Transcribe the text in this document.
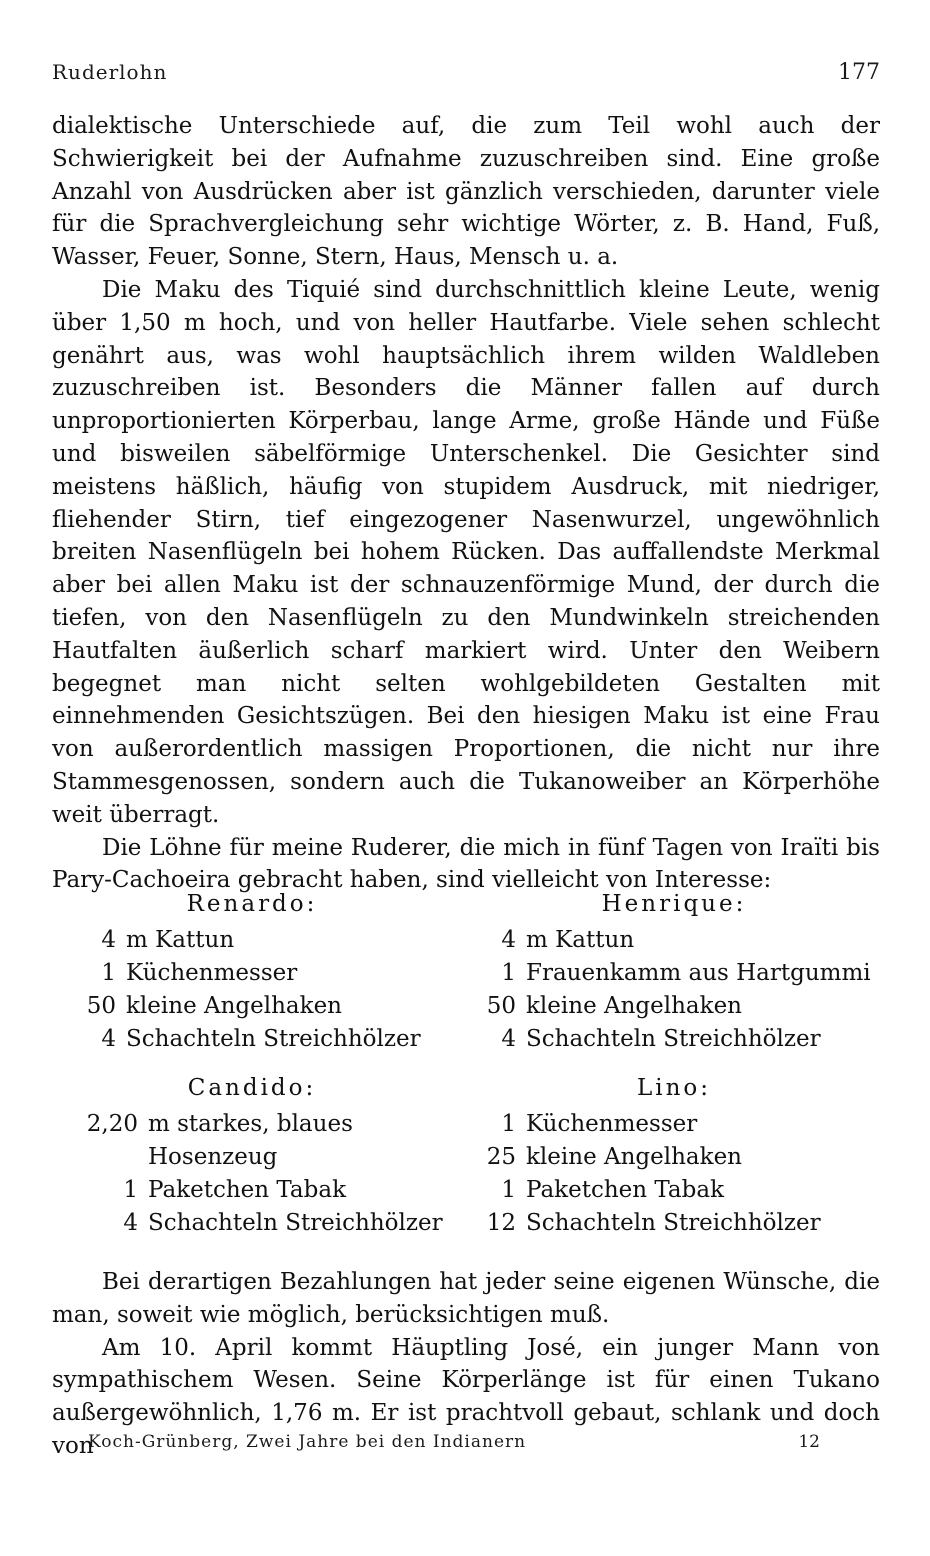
Ruderlohn	177

dialektische Unterschiede auf, die zum Teil wohl auch der Schwierigkeit bei der Aufnahme zuzuschreiben sind. Eine große Anzahl von Ausdrücken aber ist gänzlich verschieden, darunter viele für die Sprachvergleichung sehr wichtige Wörter, z. B. Hand, Fuß, Wasser, Feuer, Sonne, Stern, Haus, Mensch u. a.

Die Maku des Tiquié sind durchschnittlich kleine Leute, wenig über 1,50 m hoch, und von heller Hautfarbe. Viele sehen schlecht genährt aus, was wohl hauptsächlich ihrem wilden Waldleben zuzuschreiben ist. Besonders die Männer fallen auf durch unproportionierten Körperbau, lange Arme, große Hände und Füße und bisweilen säbelförmige Unterschenkel. Die Gesichter sind meistens häßlich, häufig von stupidem Ausdruck, mit niedriger, fliehender Stirn, tief eingezogener Nasenwurzel, ungewöhnlich breiten Nasenflügeln bei hohem Rücken. Das auffallendste Merkmal aber bei allen Maku ist der schnauzenförmige Mund, der durch die tiefen, von den Nasenflügeln zu den Mundwinkeln streichenden Hautfalten äußerlich scharf markiert wird. Unter den Weibern begegnet man nicht selten wohlgebildeten Gestalten mit einnehmenden Gesichtszügen. Bei den hiesigen Maku ist eine Frau von außerordentlich massigen Proportionen, die nicht nur ihre Stammesgenossen, sondern auch die Tukanoweiber an Körperhöhe weit überragt.

Die Löhne für meine Ruderer, die mich in fünf Tagen von Iraïti bis Pary-Cachoeira gebracht haben, sind vielleicht von Interesse:

Renardo:
4 m Kattun
1 Küchenmesser
50 kleine Angelhaken
4 Schachteln Streichhölzer
Candido:
2,20 m starkes, blaues
Hosenzeug
1 Paketchen Tabak
4 Schachteln Streichhölzer
Henrique:
4 m Kattun
1 Frauenkamm aus Hartgummi
50 kleine Angelhaken
4 Schachteln Streichhölzer
Lino:
1 Küchenmesser
25 kleine Angelhaken
1 Paketchen Tabak
12 Schachteln Streichhölzer

Bei derartigen Bezahlungen hat jeder seine eigenen Wünsche, die man, soweit wie möglich, berücksichtigen muß.

Am 10. April kommt Häuptling José, ein junger Mann von sympathischem Wesen. Seine Körperlänge ist für einen Tukano außergewöhnlich, 1,76 m. Er ist prachtvoll gebaut, schlank und doch von

Koch-Grünberg, Zwei Jahre bei den Indianern	12
